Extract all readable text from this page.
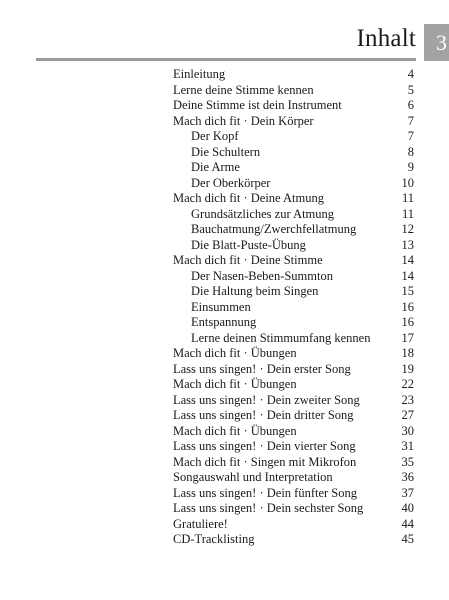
Inhalt 3
Einleitung	4
Lerne deine Stimme kennen	5
Deine Stimme ist dein Instrument	6
Mach dich fit · Dein Körper	7
Der Kopf	7
Die Schultern	8
Die Arme	9
Der Oberkörper	10
Mach dich fit · Deine Atmung	11
Grundsätzliches zur Atmung	11
Bauchatmung/Zwerchfellatmung	12
Die Blatt-Puste-Übung	13
Mach dich fit · Deine Stimme	14
Der Nasen-Beben-Summton	14
Die Haltung beim Singen	15
Einsummen	16
Entspannung	16
Lerne deinen Stimmumfang kennen 17
Mach dich fit · Übungen	18
Lass uns singen! · Dein erster Song	19
Mach dich fit · Übungen	22
Lass uns singen! · Dein zweiter Song	23
Lass uns singen! · Dein dritter Song	27
Mach dich fit · Übungen	30
Lass uns singen! · Dein vierter Song	31
Mach dich fit · Singen mit Mikrofon	35
Songauswahl und Interpretation	36
Lass uns singen! · Dein fünfter Song	37
Lass uns singen! · Dein sechster Song	40
Gratuliere!	44
CD-Tracklisting	45
